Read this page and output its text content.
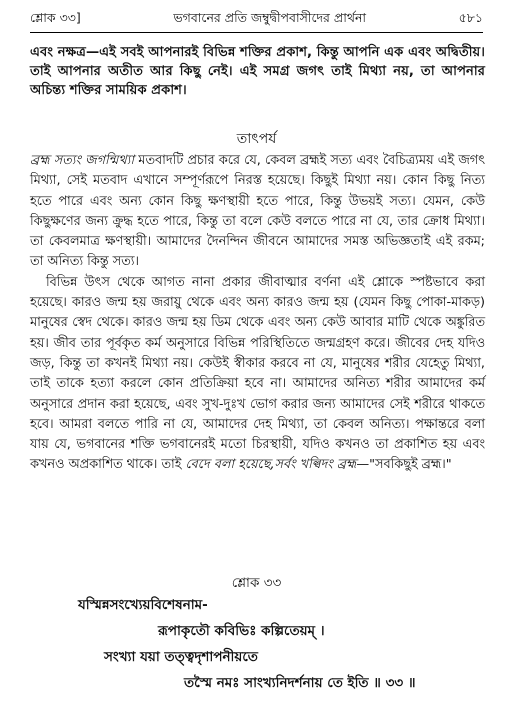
শ্লোক ৩৩]	ভগবানের প্রতি জম্বুদ্বীপবাসীদের প্রার্থনা	৫৮১

এবং নক্ষত্র—এই সবই আপনারই বিভিন্ন শক্তির প্রকাশ, কিন্তু আপনি এক এবং অদ্বিতীয়। তাই আপনার অতীত আর কিছু নেই। এই সমগ্র জগৎ তাই মিথ্যা নয়, তা আপনার অচিন্ত্য শক্তির সাময়িক প্রকাশ।

তাৎপর্য

ব্রহ্ম সত্যং জগন্মিথ্যা মতবাদটি প্রচার করে যে, কেবল ব্রহ্মই সত্য এবং বৈচিত্র্যময় এই জগৎ মিথ্যা, সেই মতবাদ এখানে সম্পূর্ণরূপে নিরস্ত হয়েছে। কিছুই মিথ্যা নয়। কোন কিছু নিত্য হতে পারে এবং অন্য কোন কিছু ক্ষণস্থায়ী হতে পারে, কিন্তু উভয়ই সত্য। যেমন, কেউ কিছুক্ষণের জন্য ক্রুদ্ধ হতে পারে, কিন্তু তা বলে কেউ বলতে পারে না যে, তার ক্রোধ মিথ্যা। তা কেবলমাত্র ক্ষণস্থায়ী। আমাদের দৈনন্দিন জীবনে আমাদের সমস্ত অভিজ্ঞতাই এই রকম; তা অনিত্য কিন্তু সত্য।

বিভিন্ন উৎস থেকে আগত নানা প্রকার জীবাত্মার বর্ণনা এই শ্লোকে স্পষ্টভাবে করা হয়েছে। কারও জন্ম হয় জরায়ু থেকে এবং অন্য কারও জন্ম হয় (যেমন কিছু পোকা-মাকড়) মানুষের স্বেদ থেকে। কারও জন্ম হয় ডিম থেকে এবং অন্য কেউ আবার মাটি থেকে অঙ্কুরিত হয়। জীব তার পূর্বকৃত কর্ম অনুসারে বিভিন্ন পরিস্থিতিতে জন্মগ্রহণ করে। জীবের দেহ যদিও জড়, কিন্তু তা কখনই মিথ্যা নয়। কেউই স্বীকার করবে না যে, মানুষের শরীর যেহেতু মিথ্যা, তাই তাকে হত্যা করলে কোন প্রতিক্রিয়া হবে না। আমাদের অনিত্য শরীর আমাদের কর্ম অনুসারে প্রদান করা হয়েছে, এবং সুখ-দুঃখ ভোগ করার জন্য আমাদের সেই শরীরে থাকতে হবে। আমরা বলতে পারি না যে, আমাদের দেহ মিথ্যা, তা কেবল অনিত্য। পক্ষান্তরে বলা যায় যে, ভগবানের শক্তি ভগবানেরই মতো চিরস্থায়ী, যদিও কখনও তা প্রকাশিত হয় এবং কখনও অপ্রকাশিত থাকে। তাই বেদে বলা হয়েছে,সর্বং খল্বিদং ব্রহ্ম—"সবকিছুই ব্রহ্ম।"

শ্লোক ৩৩
যস্মিন্নসংখ্যেয়বিশেষনাম-
রূপাকৃতৌ কবিভিঃ কল্পিতেয়ম্ ।
সংখ্যা যয়া তত্ত্বদৃশাপনীয়তে
তস্মৈ নমঃ সাংখ্যনিদর্শনায় তে ইতি ॥ ৩৩ ॥
